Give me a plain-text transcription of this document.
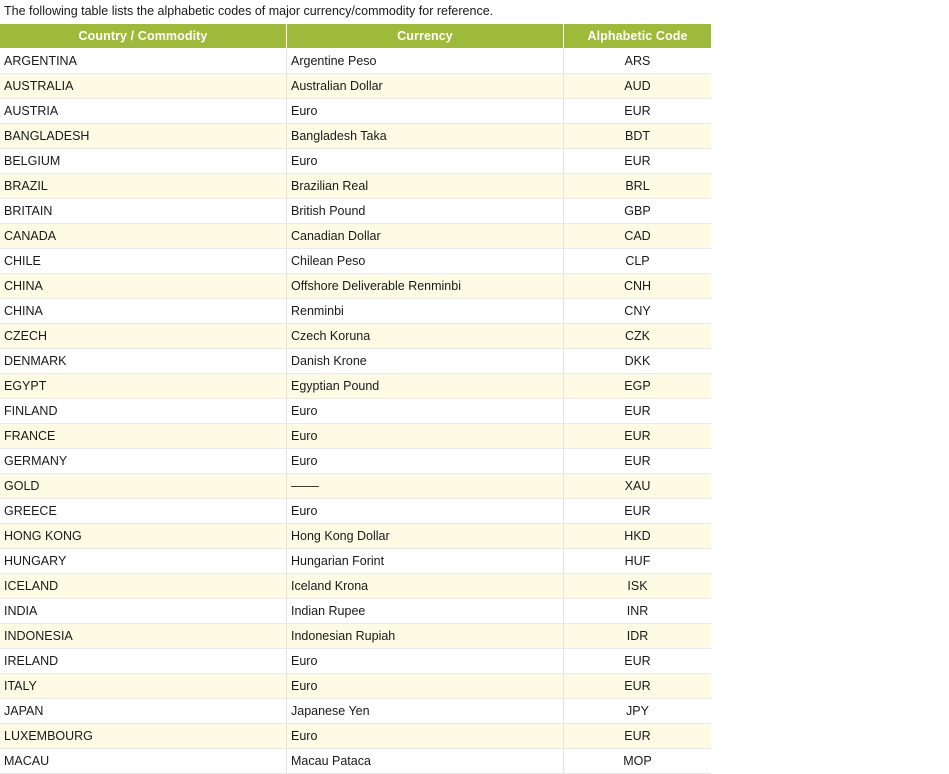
The following table lists the alphabetic codes of major currency/commodity for reference.
Country / Commodity	Currency	Alphabetic Code
ARGENTINA	Argentine Peso	ARS
AUSTRALIA	Australian Dollar	AUD
AUSTRIA	Euro	EUR
BANGLADESH	Bangladesh Taka	BDT
BELGIUM	Euro	EUR
BRAZIL	Brazilian Real	BRL
BRITAIN	British Pound	GBP
CANADA	Canadian Dollar	CAD
CHILE	Chilean Peso	CLP
CHINA	Offshore Deliverable Renminbi	CNH
CHINA	Renminbi	CNY
CZECH	Czech Koruna	CZK
DENMARK	Danish Krone	DKK
EGYPT	Egyptian Pound	EGP
FINLAND	Euro	EUR
FRANCE	Euro	EUR
GERMANY	Euro	EUR
GOLD		XAU
GREECE	Euro	EUR
HONG KONG	Hong Kong Dollar	HKD
HUNGARY	Hungarian Forint	HUF
ICELAND	Iceland Krona	ISK
INDIA	Indian Rupee	INR
INDONESIA	Indonesian Rupiah	IDR
IRELAND	Euro	EUR
ITALY	Euro	EUR
JAPAN	Japanese Yen	JPY
LUXEMBOURG	Euro	EUR
MACAU	Macau Pataca	MOP
